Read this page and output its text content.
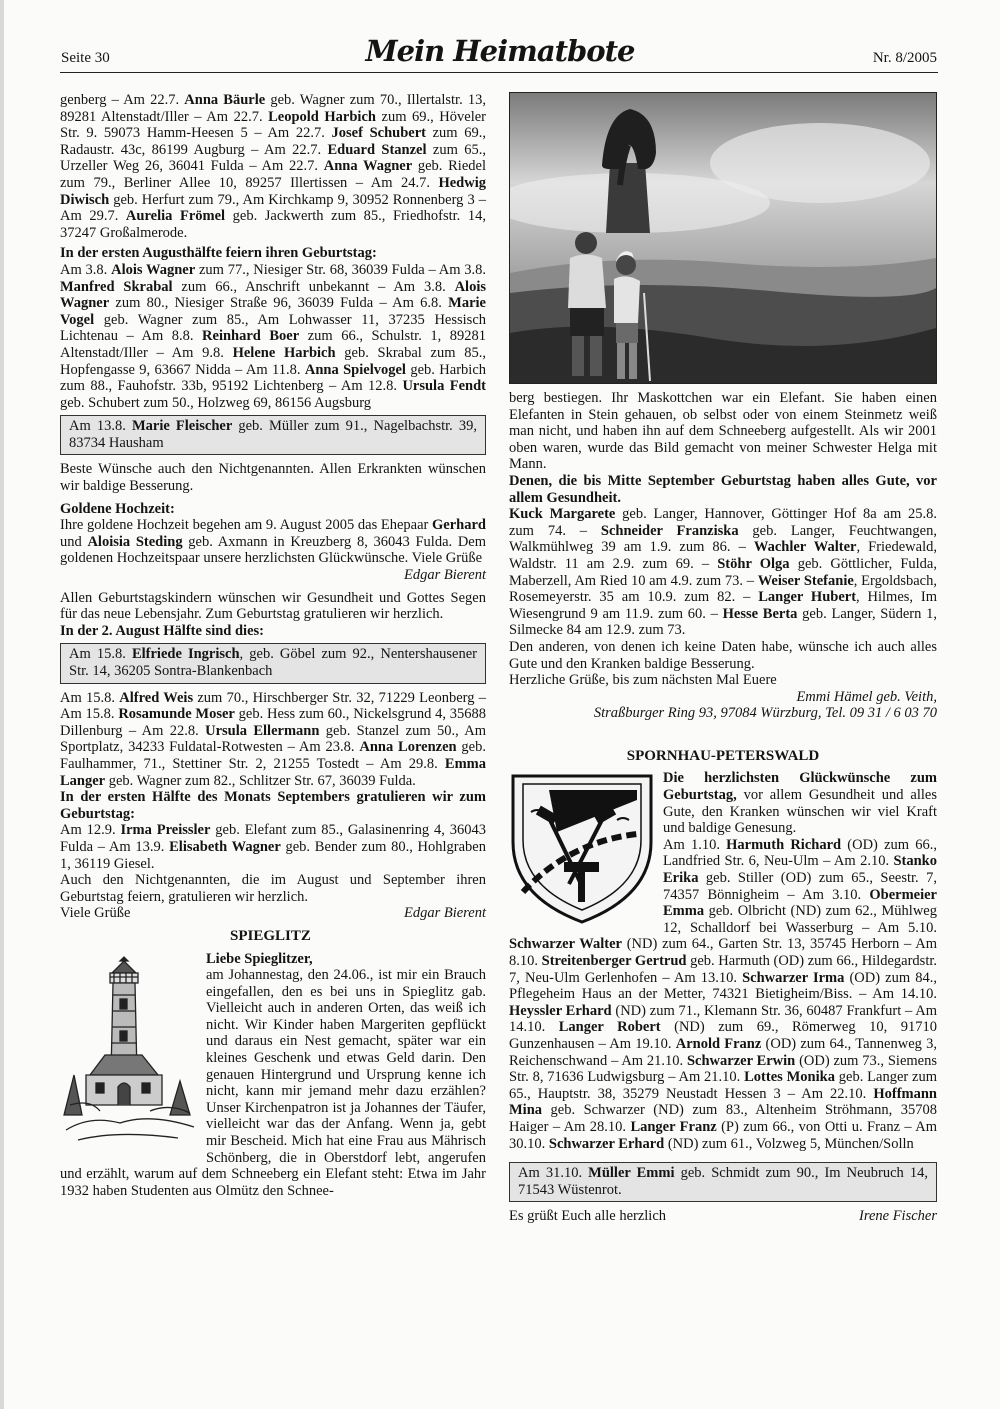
Seite 30	Mein Heimatbote	Nr. 8/2005

genberg – Am 22.7. Anna Bäurle geb. Wagner zum 70., Illertalstr. 13, 89281 Altenstadt/Iller – Am 22.7. Leopold Harbich zum 69., Höveler Str. 9. 59073 Hamm-Heesen 5 – Am 22.7. Josef Schubert zum 69., Radaustr. 43c, 86199 Augburg – Am 22.7. Eduard Stanzel zum 65., Urzeller Weg 26, 36041 Fulda – Am 22.7. Anna Wagner geb. Riedel zum 79., Berliner Allee 10, 89257 Illertissen – Am 24.7. Hedwig Diwisch geb. Herfurt zum 79., Am Kirchkamp 9, 30952 Ronnenberg 3 – Am 29.7. Aurelia Frömel geb. Jackwerth zum 85., Friedhofstr. 14, 37247 Großalmerode.

In der ersten Augusthälfte feiern ihren Geburtstag:

Am 3.8. Alois Wagner zum 77., Niesiger Str. 68, 36039 Fulda – Am 3.8. Manfred Skrabal zum 66., Anschrift unbekannt – Am 3.8. Alois Wagner zum 80., Niesiger Straße 96, 36039 Fulda – Am 6.8. Marie Vogel geb. Wagner zum 85., Am Lohwasser 11, 37235 Hessisch Lichtenau – Am 8.8. Reinhard Boer zum 66., Schulstr. 1, 89281 Altenstadt/Iller – Am 9.8. Helene Harbich geb. Skrabal zum 85., Hopfengasse 9, 63667 Nidda – Am 11.8. Anna Spielvogel geb. Harbich zum 88., Fauhofstr. 33b, 95192 Lichtenberg – Am 12.8. Ursula Fendt geb. Schubert zum 50., Holzweg 69, 86156 Augsburg

Am 13.8. Marie Fleischer geb. Müller zum 91., Nagelbachstr. 39, 83734 Hausham

Beste Wünsche auch den Nichtgenannten. Allen Erkrankten wünschen wir baldige Besserung.

Goldene Hochzeit:

Ihre goldene Hochzeit begehen am 9. August 2005 das Ehepaar Gerhard und Aloisia Steding geb. Axmann in Kreuzberg 8, 36043 Fulda. Dem goldenen Hochzeitspaar unsere herzlichsten Glückwünsche. Viele Grüße

Edgar Bierent

Allen Geburtstagskindern wünschen wir Gesundheit und Gottes Segen für das neue Lebensjahr. Zum Geburtstag gratulieren wir herzlich.

In der 2. August Hälfte sind dies:

Am 15.8. Elfriede Ingrisch, geb. Göbel zum 92., Nentershausener Str. 14, 36205 Sontra-Blankenbach

Am 15.8. Alfred Weis zum 70., Hirschberger Str. 32, 71229 Leonberg – Am 15.8. Rosamunde Moser geb. Hess zum 60., Nickelsgrund 4, 35688 Dillenburg – Am 22.8. Ursula Ellermann geb. Stanzel zum 50., Am Sportplatz, 34233 Fuldatal-Rotwesten – Am 23.8. Anna Lorenzen geb. Faulhammer, 71., Stettiner Str. 2, 21255 Tostedt – Am 29.8. Emma Langer geb. Wagner zum 82., Schlitzer Str. 67, 36039 Fulda.

In der ersten Hälfte des Monats Septembers gratulieren wir zum Geburtstag:

Am 12.9. Irma Preissler geb. Elefant zum 85., Galasinenring 4, 36043 Fulda – Am 13.9. Elisabeth Wagner geb. Bender zum 80., Hohlgraben 1, 36119 Giesel.

Auch den Nichtgenannten, die im August und September ihren Geburtstag feiern, gratulieren wir herzlich.

Viele Grüße	Edgar Bierent

SPIEGLITZ

Liebe Spieglitzer,

am Johannestag, den 24.06., ist mir ein Brauch eingefallen, den es bei uns in Spieglitz gab. Vielleicht auch in anderen Orten, das weiß ich nicht. Wir Kinder haben Margeriten gepflückt und daraus ein Nest gemacht, später war ein kleines Geschenk und etwas Geld darin. Den genauen Hintergrund und Ursprung kenne ich nicht, kann mir jemand mehr dazu erzählen? Unser Kirchenpatron ist ja Johannes der Täufer, vielleicht war das der Anfang. Wenn ja, gebt mir Bescheid. Mich hat eine Frau aus Mährisch Schönberg, die in Oberstdorf lebt, angerufen und erzählt, warum auf dem Schneeberg ein Elefant steht: Etwa im Jahr 1932 haben Studenten aus Olmütz den Schnee-

berg bestiegen. Ihr Maskottchen war ein Elefant. Sie haben einen Elefanten in Stein gehauen, ob selbst oder von einem Steinmetz weiß man nicht, und haben ihn auf dem Schneeberg aufgestellt. Als wir 2001 oben waren, wurde das Bild gemacht von meiner Schwester Helga mit Mann.

Denen, die bis Mitte September Geburtstag haben alles Gute, vor allem Gesundheit.

Kuck Margarete geb. Langer, Hannover, Göttinger Hof 8a am 25.8. zum 74. – Schneider Franziska geb. Langer, Feuchtwangen, Walkmühlweg 39 am 1.9. zum 86. – Wachler Walter, Friedewald, Waldstr. 11 am 2.9. zum 69. – Stöhr Olga geb. Göttlicher, Fulda, Maberzell, Am Ried 10 am 4.9. zum 73. – Weiser Stefanie, Ergoldsbach, Rosemeyerstr. 35 am 10.9. zum 82. – Langer Hubert, Hilmes, Im Wiesengrund 9 am 11.9. zum 60. – Hesse Berta geb. Langer, Südern 1, Silmecke 84 am 12.9. zum 73.

Den anderen, von denen ich keine Daten habe, wünsche ich auch alles Gute und den Kranken baldige Besserung.

Herzliche Grüße, bis zum nächsten Mal Euere

Emmi Hämel geb. Veith,

Straßburger Ring 93, 97084 Würzburg, Tel. 09 31 / 6 03 70

SPORNHAU-PETERSWALD

Die herzlichsten Glückwünsche zum Geburtstag, vor allem Gesundheit und alles Gute, den Kranken wünschen wir viel Kraft und baldige Genesung.

Am 1.10. Harmuth Richard (OD) zum 66., Landfried Str. 6, Neu-Ulm – Am 2.10. Stanko Erika geb. Stiller (OD) zum 65., Seestr. 7, 74357 Bönnigheim – Am 3.10. Obermeier Emma geb. Olbricht (ND) zum 62., Mühlweg 12, Schalldorf bei Wasserburg – Am 5.10. Schwarzer Walter (ND) zum 64., Garten Str. 13, 35745 Herborn – Am 8.10. Streitenberger Gertrud geb. Harmuth (OD) zum 66., Hildegardstr. 7, Neu-Ulm Gerlenhofen – Am 13.10. Schwarzer Irma (OD) zum 84., Pflegeheim Haus an der Metter, 74321 Bietigheim/Biss. – Am 14.10. Heyssler Erhard (ND) zum 71., Klemann Str. 36, 60487 Frankfurt – Am 14.10. Langer Robert (ND) zum 69., Römerweg 10, 91710 Gunzenhausen – Am 19.10. Arnold Franz (OD) zum 64., Tannenweg 3, Reichenschwand – Am 21.10. Schwarzer Erwin (OD) zum 73., Siemens Str. 8, 71636 Ludwigsburg – Am 21.10. Lottes Monika geb. Langer zum 65., Hauptstr. 38, 35279 Neustadt Hessen 3 – Am 22.10. Hoffmann Mina geb. Schwarzer (ND) zum 83., Altenheim Ströhmann, 35708 Haiger – Am 28.10. Langer Franz (P) zum 66., von Otti u. Franz – Am 30.10. Schwarzer Erhard (ND) zum 61., Volzweg 5, München/Solln

Am 31.10. Müller Emmi geb. Schmidt zum 90., Im Neubruch 14, 71543 Wüstenrot.

Es grüßt Euch alle herzlich	Irene Fischer
